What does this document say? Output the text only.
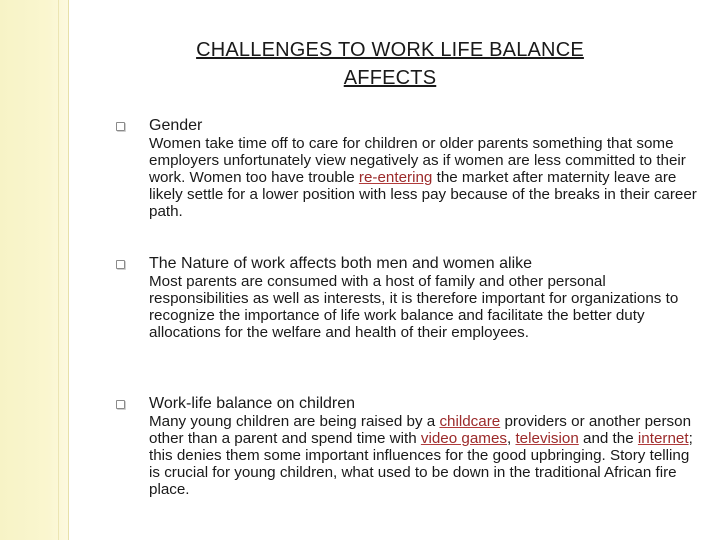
CHALLENGES TO WORK LIFE BALANCE AFFECTS
Gender
Women take time off to care for children or older parents something that some employers unfortunately view negatively as if women are less committed to their work. Women too have trouble re-entering the market after maternity leave are likely settle for a lower position with less pay because of the breaks in their career path.
The Nature of work affects both men and women alike
Most parents are consumed with a host of family and other personal responsibilities as well as interests, it is therefore important for organizations to recognize the importance of life work balance and facilitate the better duty allocations for the welfare and health of their employees.
Work-life balance on children
Many young children are being raised by a childcare providers or another person other than a parent and spend time with video games, television and the internet; this denies them some important influences for the good upbringing. Story telling is crucial for young children, what used to be down in the traditional African fire place.
